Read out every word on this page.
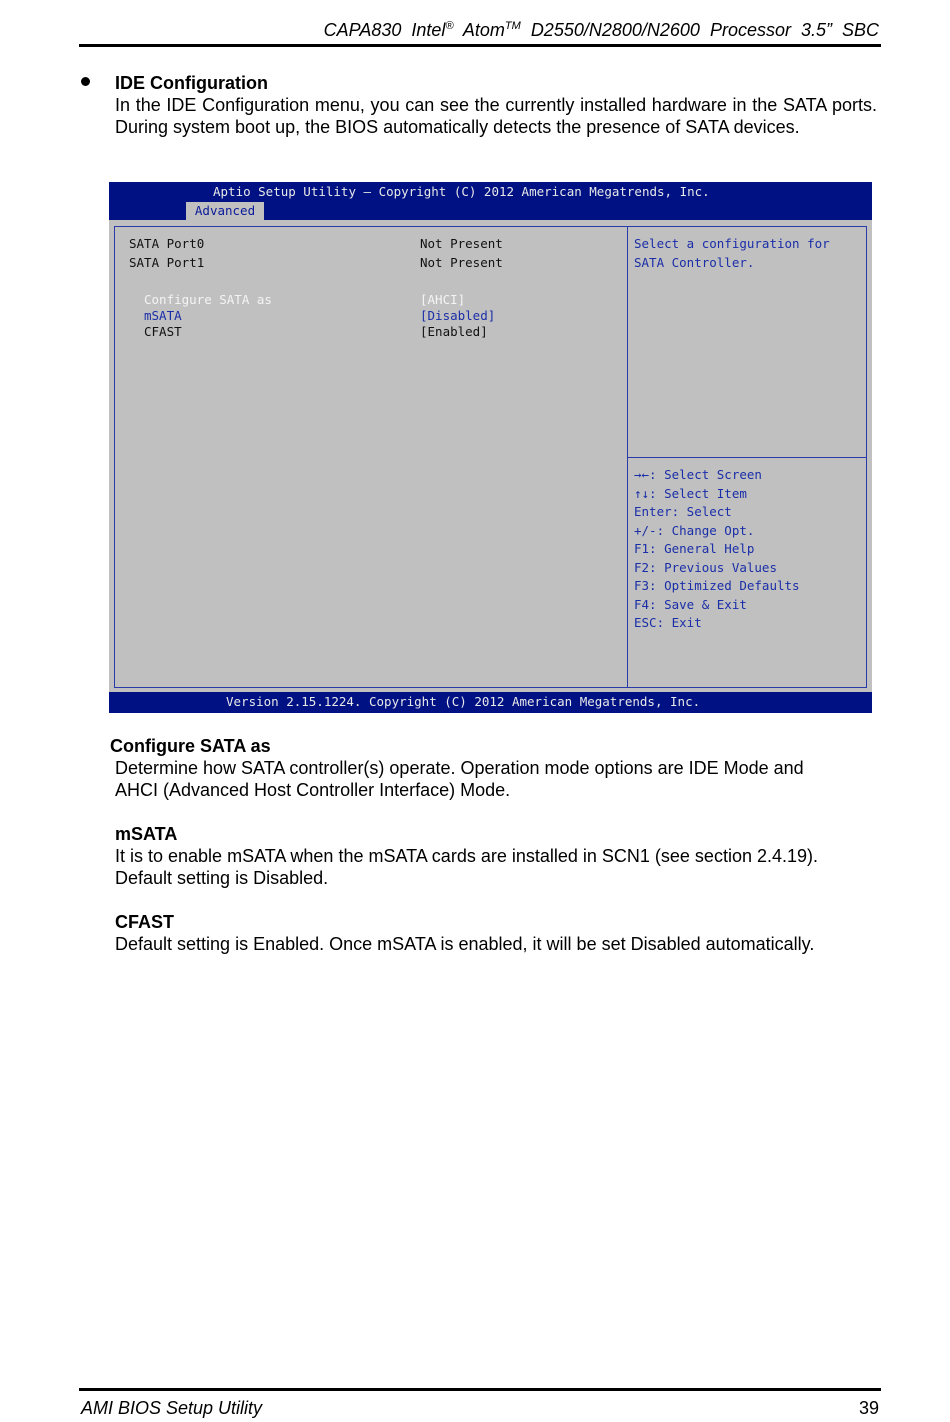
CAPA830 Intel® Atom™ D2550/N2800/N2600  Processor  3.5”  SBC
IDE Configuration
In the IDE Configuration menu, you can see the currently installed hardware in the SATA ports. During system boot up, the BIOS automatically detects the presence of SATA devices.
Aptio Setup Utility – Copyright (C) 2012 American Megatrends, Inc.
Advanced
SATA Port0	Not Present
SATA Port1	Not Present
Configure SATA as	[AHCI]
mSATA	[Disabled]
CFAST	[Enabled]
Select a configuration for
SATA Controller.
→←: Select Screen
↑↓: Select Item
Enter: Select
+/-: Change Opt.
F1: General Help
F2: Previous Values
F3: Optimized Defaults
F4: Save & Exit
ESC: Exit
Version 2.15.1224. Copyright (C) 2012 American Megatrends, Inc.
Configure SATA as
Determine how SATA controller(s) operate. Operation mode options are IDE Mode and
AHCI (Advanced Host Controller Interface) Mode.
mSATA
It is to enable mSATA when the mSATA cards are installed in SCN1 (see section 2.4.19).
Default setting is Disabled.
CFAST
Default setting is Enabled. Once mSATA is enabled, it will be set Disabled automatically.
AMI BIOS Setup Utility	39
